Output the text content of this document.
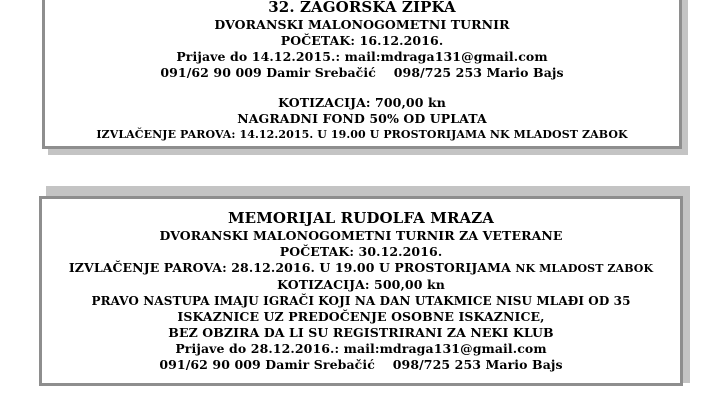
32. ZAGORSKA ZIPKA
DVORANSKI MALONOGOMETNI TURNIR
POČETAK: 16.12.2016.
Prijave do 14.12.2015.: mail:mdraga131@gmail.com
091/62 90 009 Damir Srebačić    098/725 253 Mario Bajs
KOTIZACIJA: 700,00 kn
NAGRADNI FOND 50% OD UPLATA
IZVLAČENJE PAROVA: 14.12.2015. U 19.00 U PROSTORIJAMA NK MLADOST ZABOK
MEMORIJAL RUDOLFA MRAZA
DVORANSKI MALONOGOMETNI TURNIR ZA VETERANE
POČETAK: 30.12.2016.
IZVLAČENJE PAROVA: 28.12.2016. U 19.00 U PROSTORIJAMA NK MLADOST ZABOK
KOTIZACIJA: 500,00 kn
PRAVO NASTUPA IMAJU IGRAČI KOJI NA DAN UTAKMICE NISU MLAĐI OD 35
ISKAZNICE UZ PREDOČENJE OSOBNE ISKAZNICE,
BEZ OBZIRA DA LI SU REGISTRIRANI ZA NEKI KLUB
Prijave do 28.12.2016.: mail:mdraga131@gmail.com
091/62 90 009 Damir Srebačić    098/725 253 Mario Bajs
